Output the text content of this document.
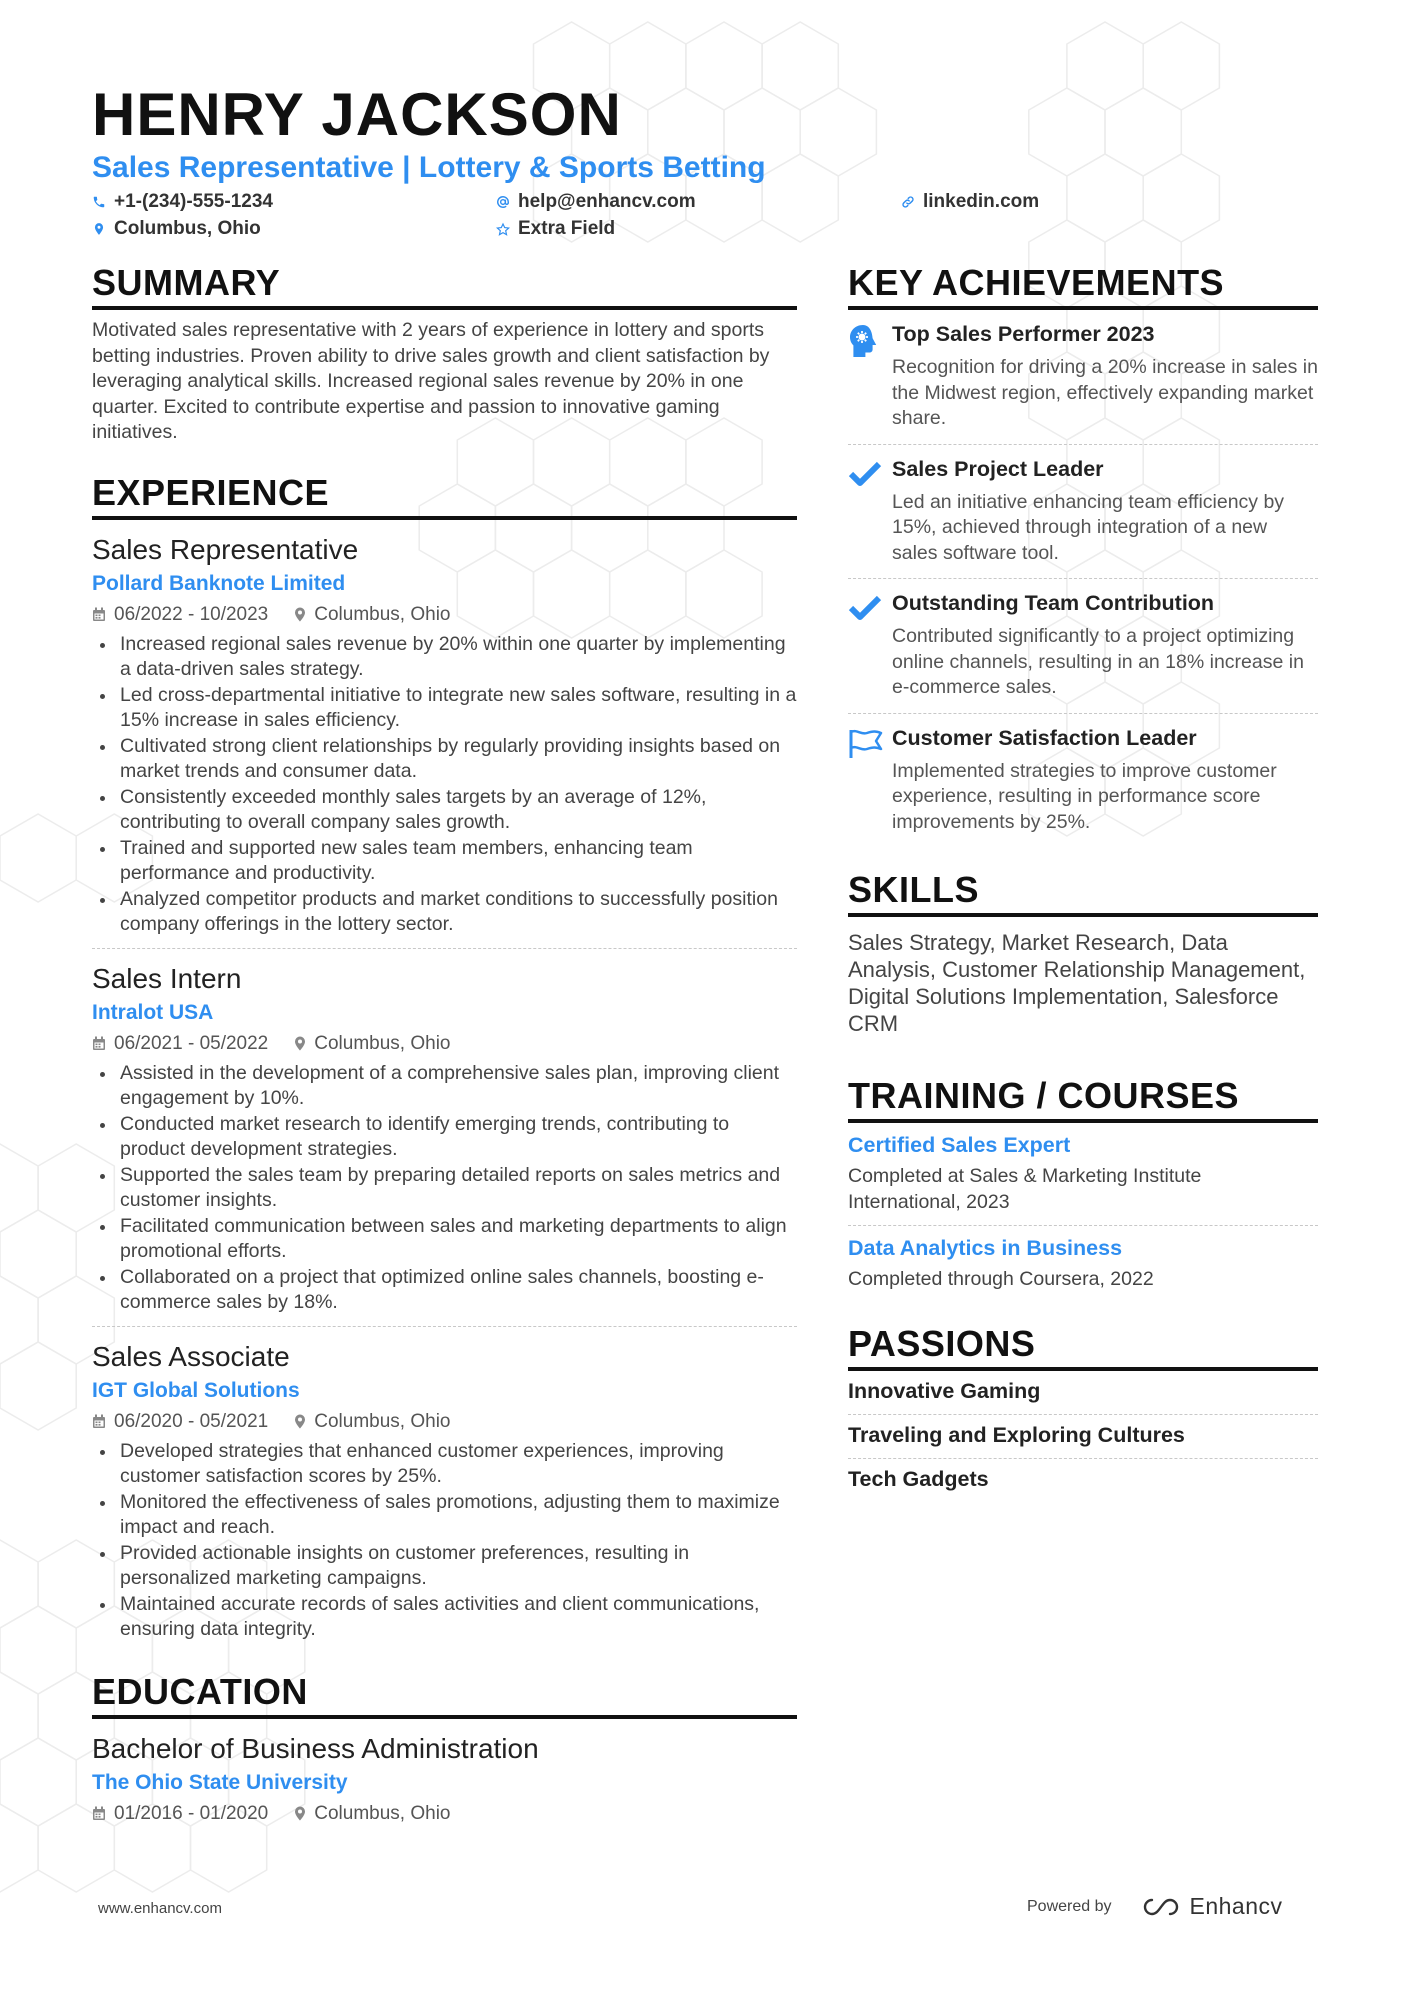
HENRY JACKSON
Sales Representative | Lottery & Sports Betting
+1-(234)-555-1234	help@enhancv.com	linkedin.com
Columbus, Ohio	Extra Field
SUMMARY
Motivated sales representative with 2 years of experience in lottery and sports betting industries. Proven ability to drive sales growth and client satisfaction by leveraging analytical skills. Increased regional sales revenue by 20% in one quarter. Excited to contribute expertise and passion to innovative gaming initiatives.
EXPERIENCE
Sales Representative
Pollard Banknote Limited
06/2022 - 10/2023 Columbus, Ohio
Increased regional sales revenue by 20% within one quarter by implementing a data-driven sales strategy.
Led cross-departmental initiative to integrate new sales software, resulting in a 15% increase in sales efficiency.
Cultivated strong client relationships by regularly providing insights based on market trends and consumer data.
Consistently exceeded monthly sales targets by an average of 12%, contributing to overall company sales growth.
Trained and supported new sales team members, enhancing team performance and productivity.
Analyzed competitor products and market conditions to successfully position company offerings in the lottery sector.
Sales Intern
Intralot USA
06/2021 - 05/2022 Columbus, Ohio
Assisted in the development of a comprehensive sales plan, improving client engagement by 10%.
Conducted market research to identify emerging trends, contributing to product development strategies.
Supported the sales team by preparing detailed reports on sales metrics and customer insights.
Facilitated communication between sales and marketing departments to align promotional efforts.
Collaborated on a project that optimized online sales channels, boosting e-commerce sales by 18%.
Sales Associate
IGT Global Solutions
06/2020 - 05/2021 Columbus, Ohio
Developed strategies that enhanced customer experiences, improving customer satisfaction scores by 25%.
Monitored the effectiveness of sales promotions, adjusting them to maximize impact and reach.
Provided actionable insights on customer preferences, resulting in personalized marketing campaigns.
Maintained accurate records of sales activities and client communications, ensuring data integrity.
EDUCATION
Bachelor of Business Administration
The Ohio State University
01/2016 - 01/2020 Columbus, Ohio
KEY ACHIEVEMENTS
Top Sales Performer 2023
Recognition for driving a 20% increase in sales in the Midwest region, effectively expanding market share.
Sales Project Leader
Led an initiative enhancing team efficiency by 15%, achieved through integration of a new sales software tool.
Outstanding Team Contribution
Contributed significantly to a project optimizing online channels, resulting in an 18% increase in e-commerce sales.
Customer Satisfaction Leader
Implemented strategies to improve customer experience, resulting in performance score improvements by 25%.
SKILLS
Sales Strategy, Market Research, Data Analysis, Customer Relationship Management, Digital Solutions Implementation, Salesforce CRM
TRAINING / COURSES
Certified Sales Expert
Completed at Sales & Marketing Institute International, 2023
Data Analytics in Business
Completed through Coursera, 2022
PASSIONS
Innovative Gaming
Traveling and Exploring Cultures
Tech Gadgets
www.enhancv.com	Powered by	Enhancv
